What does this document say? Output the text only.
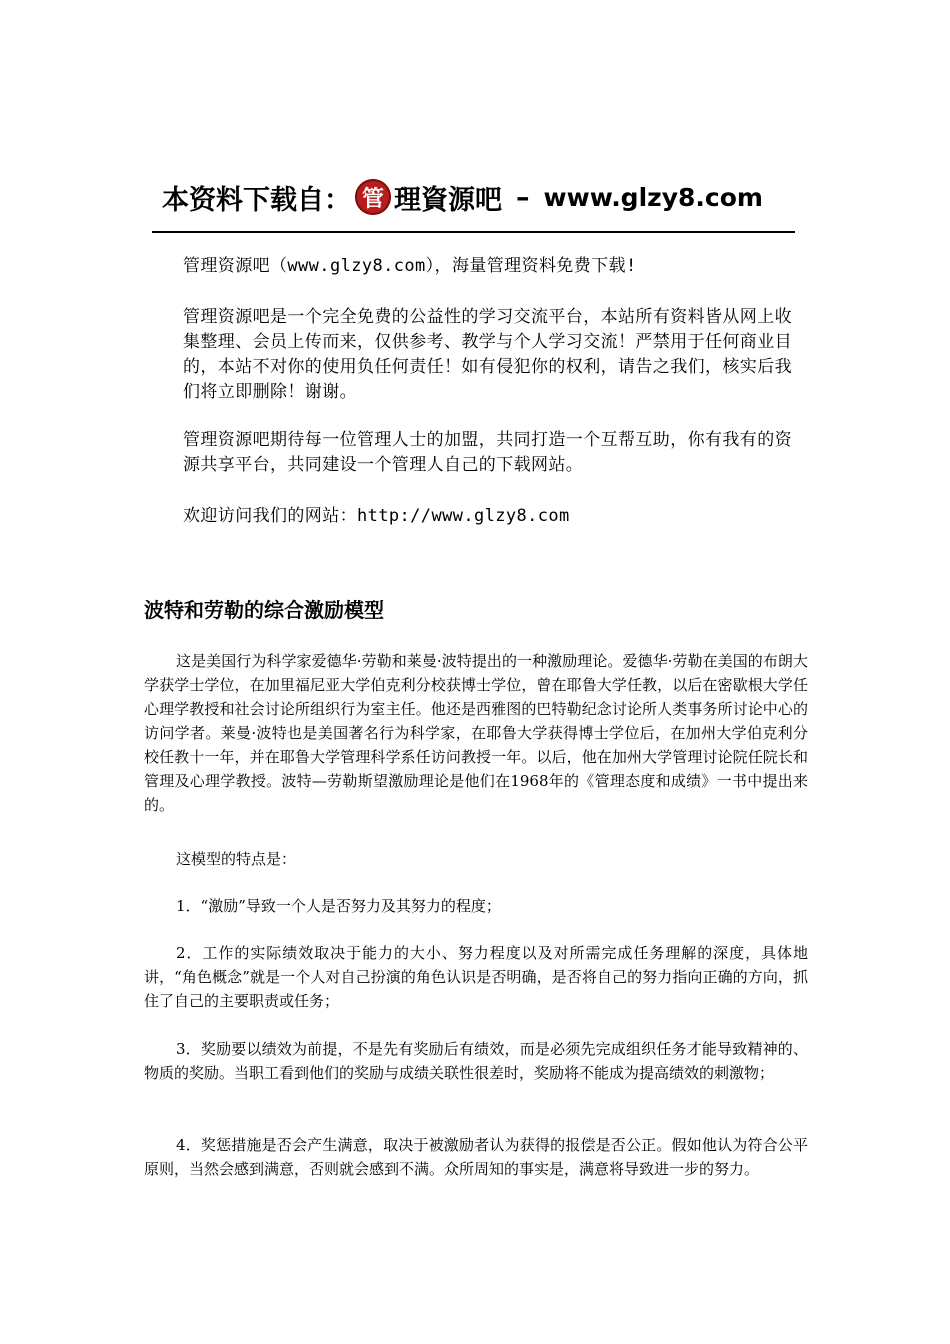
本资料下载自： 管 理資源吧 – www.glzy8.com

管理资源吧（www.glzy8.com），海量管理资料免费下载!

管理资源吧是一个完全免费的公益性的学习交流平台，本站所有资料皆从网上收集整理、会员上传而来，仅供参考、教学与个人学习交流！严禁用于任何商业目的，本站不对你的使用负任何责任！如有侵犯你的权利，请告之我们，核实后我们将立即删除！谢谢。

管理资源吧期待每一位管理人士的加盟，共同打造一个互帮互助，你有我有的资源共享平台，共同建设一个管理人自己的下载网站。

欢迎访问我们的网站：http://www.glzy8.com

波特和劳勒的综合激励模型

这是美国行为科学家爱德华·劳勒和莱曼·波特提出的一种激励理论。爱德华·劳勒在美国的布朗大学获学士学位，在加里福尼亚大学伯克利分校获博士学位，曾在耶鲁大学任教，以后在密歇根大学任心理学教授和社会讨论所组织行为室主任。他还是西雅图的巴特勒纪念讨论所人类事务所讨论中心的访问学者。莱曼·波特也是美国著名行为科学家，在耶鲁大学获得博士学位后，在加州大学伯克利分校任教十一年，并在耶鲁大学管理科学系任访问教授一年。以后，他在加州大学管理讨论院任院长和管理及心理学教授。波特—劳勒斯望激励理论是他们在1968年的《管理态度和成绩》一书中提出来的。

这模型的特点是：

1．“激励”导致一个人是否努力及其努力的程度；

2．工作的实际绩效取决于能力的大小、努力程度以及对所需完成任务理解的深度，具体地讲，“角色概念”就是一个人对自己扮演的角色认识是否明确，是否将自己的努力指向正确的方向，抓住了自己的主要职责或任务；

3．奖励要以绩效为前提，不是先有奖励后有绩效，而是必须先完成组织任务才能导致精神的、物质的奖励。当职工看到他们的奖励与成绩关联性很差时，奖励将不能成为提高绩效的刺激物；

4．奖惩措施是否会产生满意，取决于被激励者认为获得的报偿是否公正。假如他认为符合公平原则，当然会感到满意，否则就会感到不满。众所周知的事实是，满意将导致进一步的努力。
